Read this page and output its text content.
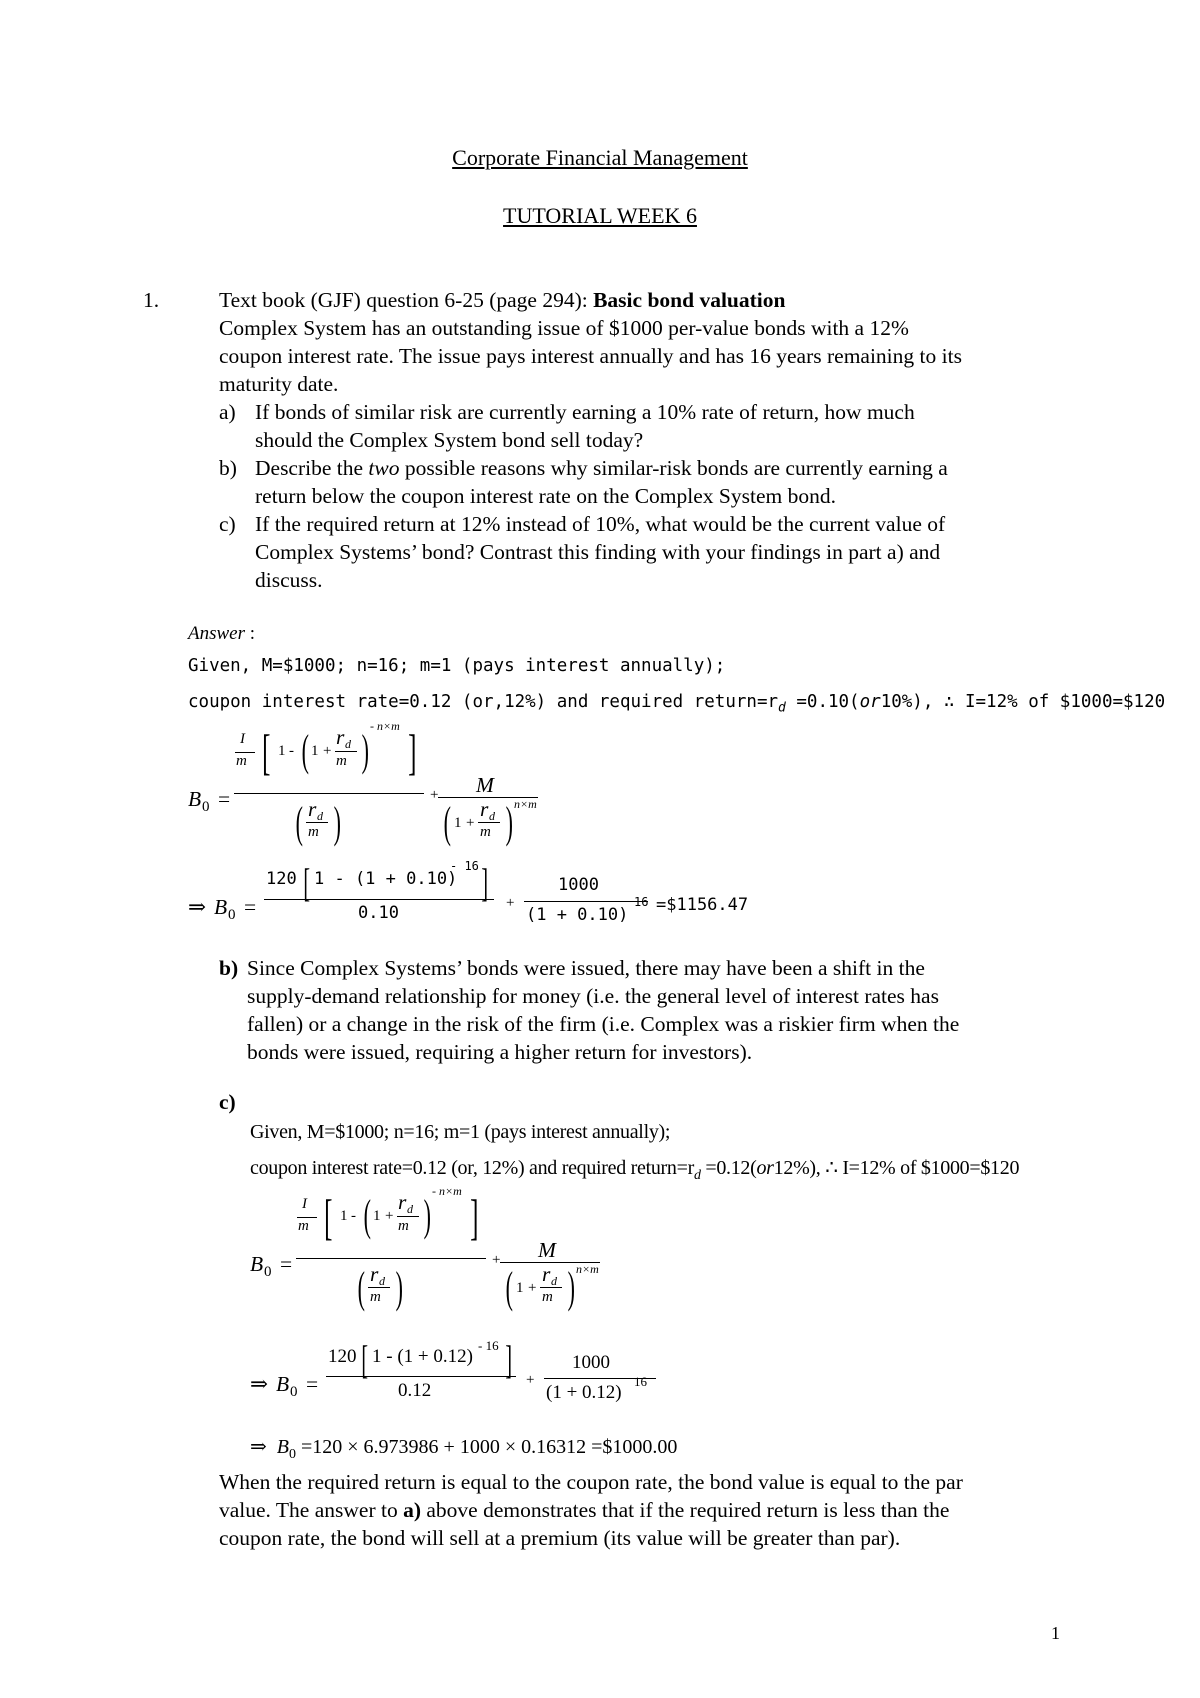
Corporate Financial Management
TUTORIAL WEEK 6
1.	Text book (GJF) question 6-25 (page 294): Basic bond valuation
Complex System has an outstanding issue of $1000 per-value bonds with a 12%
coupon interest rate. The issue pays interest annually and has 16 years remaining to its
maturity date.
a) If bonds of similar risk are currently earning a 10% rate of return, how much
should the Complex System bond sell today?
b) Describe the two possible reasons why similar-risk bonds are currently earning a
return below the coupon interest rate on the Complex System bond.
c) If the required return at 12% instead of 10%, what would be the current value of
Complex Systems’ bond? Contrast this finding with your findings in part a) and
discuss.
Answer :
Given, M=$1000; n=16; m=1 (pays interest annually);
coupon interest rate=0.12 (or,12%) and required $return=r_d =0.10(or10\%)$, ∴ I=12% of $1000=$120
B 0 =
I
m [ 1 - ( 1 +
r d
m ) - n×m ]
( r d
m )
+ M
( 1 +
r d
m ) n×m
⇒ B 0 =
120 [ 1 - (1 + 0.10)
- 16 ]
0.10	+
1000
(1 + 0.10)
16 =$1156.47
b) Since Complex Systems’ bonds were issued, there may have been a shift in the
supply-demand relationship for money (i.e. the general level of interest rates has
fallen) or a change in the risk of the firm (i.e. Complex was a riskier firm when the
bonds were issued, requiring a higher return for investors).
c)
Given, M=$1000; n=16; m=1 (pays interest annually);
coupon interest rate=0.12 (or, 12%) and required $return=r_d =0.12(or12\%)$, ∴ I=12% of $1000=$120
B 0 =
I
m [ 1 - ( 1 +
r d
m ) - n×m ]
( r d
m )
+ M
( 1 +
r d
m ) n×m
⇒ B 0 =
120 [ 1 - (1 + 0.12)
- 16 ]
0.12	+
1000
(1 + 0.12)
16
⇒ $B_0 =120 \times 6.973986 + 1000 \times 0.16312$ =$1000.00
When the required return is equal to the coupon rate, the bond value is equal to the par
value. The answer to a) above demonstrates that if the required return is less than the
coupon rate, the bond will sell at a premium (its value will be greater than par).
1
